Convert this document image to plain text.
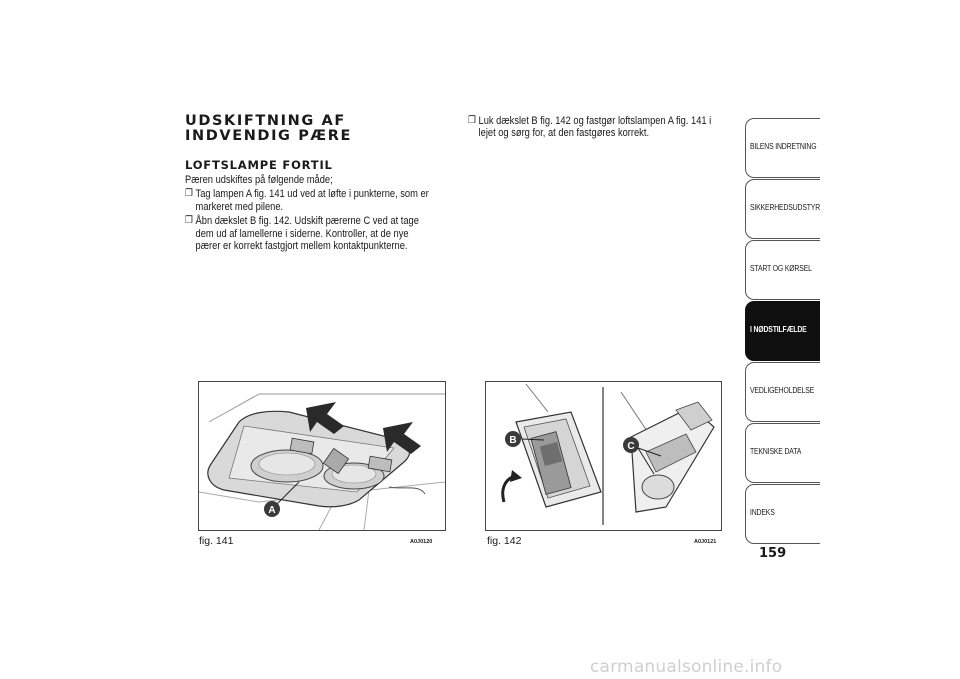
UDSKIFTNING AF INDVENDIG PÆRE
LOFTSLAMPE FORTIL
Pæren udskiftes på følgende måde;
❒ Tag lampen A fig. 141 ud ved at løfte i punkterne, som er markeret med pilene.
❒ Åbn dækslet B fig. 142. Udskift pærerne C ved at tage dem ud af lamellerne i siderne. Kontroller, at de nye pærer er korrekt fastgjort mellem kontaktpunkterne.
❒ Luk dækslet B fig. 142 og fastgør loftslampen A fig. 141 i lejet og sørg for, at den fastgøres korrekt.
A
fig. 141	A0J0120
B
C
fig. 142	A0J0121
BILENS INDRETNING
SIKKERHEDSUDSTYR
START OG KØRSEL
I NØDSTILFÆLDE
VEDLIGEHOLDELSE
TEKNISKE DATA
INDEKS
159
carmanualsonline.info
